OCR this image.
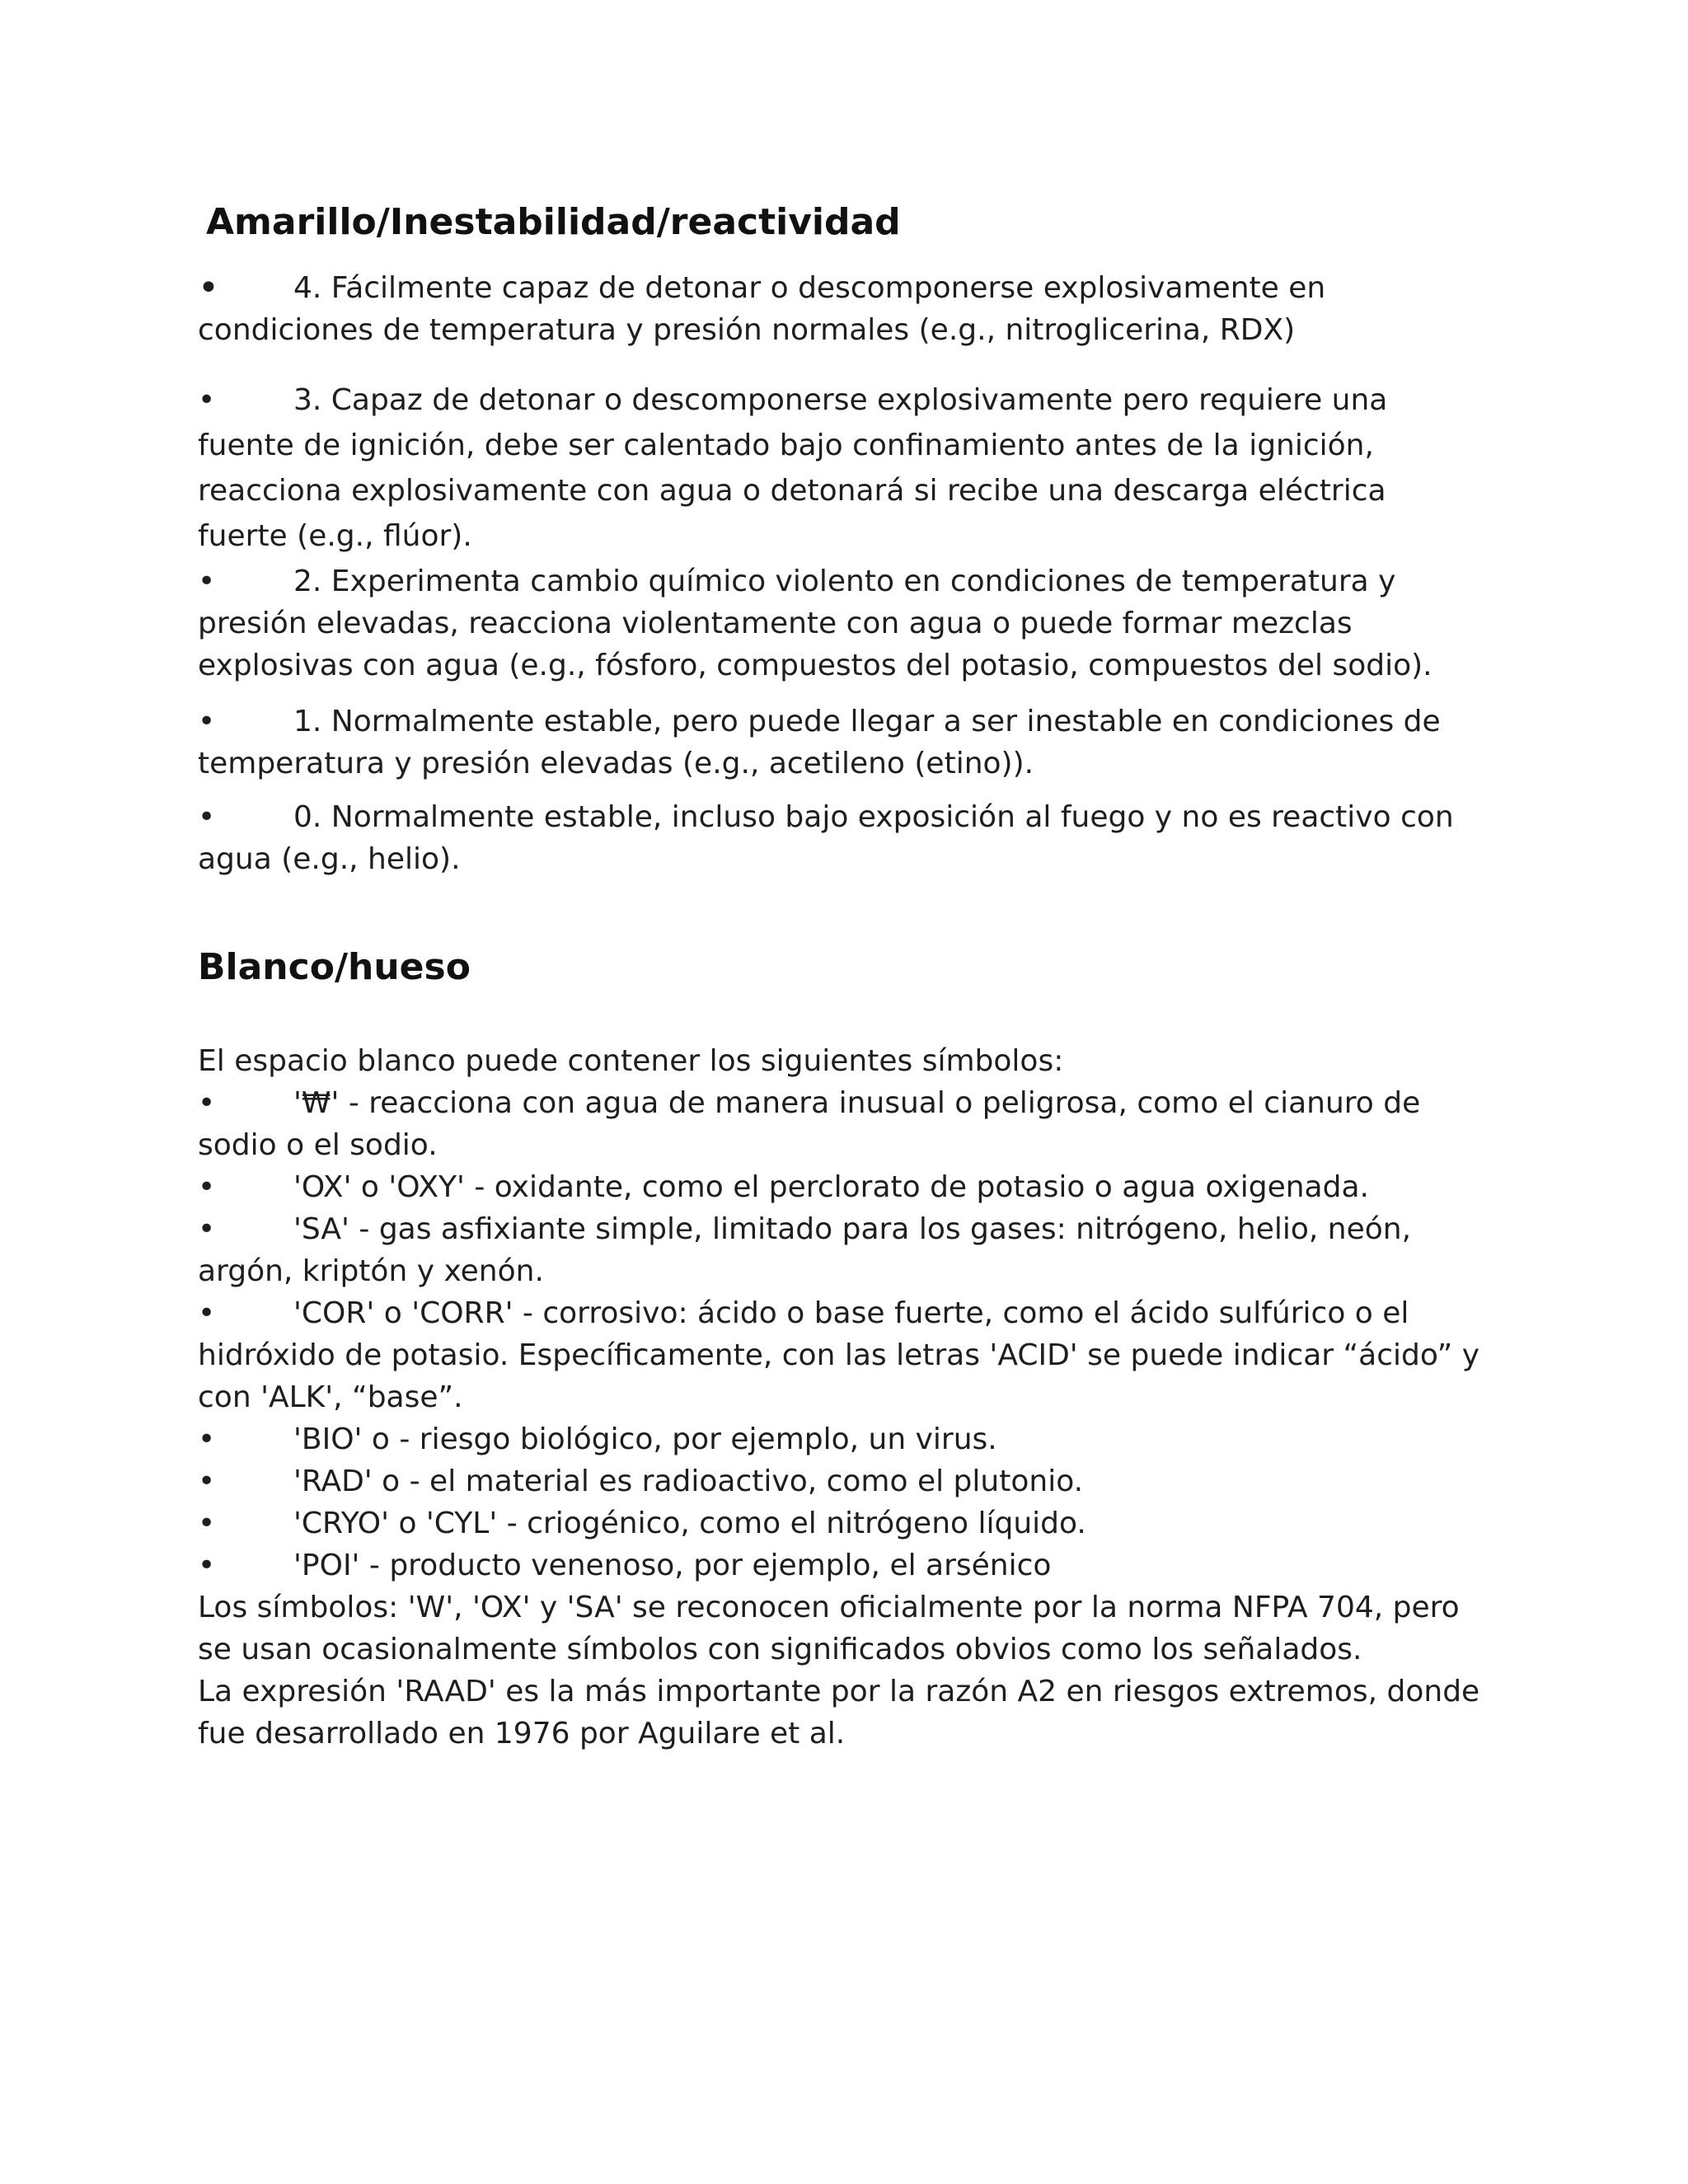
Amarillo/Inestabilidad/reactividad
•	4. Fácilmente capaz de detonar o descomponerse explosivamente en condiciones de temperatura y presión normales (e.g., nitroglicerina, RDX)
•	3. Capaz de detonar o descomponerse explosivamente pero requiere una fuente de ignición, debe ser calentado bajo confinamiento antes de la ignición, reacciona explosivamente con agua o detonará si recibe una descarga eléctrica fuerte (e.g., flúor).
•	2. Experimenta cambio químico violento en condiciones de temperatura y presión elevadas, reacciona violentamente con agua o puede formar mezclas explosivas con agua (e.g., fósforo, compuestos del potasio, compuestos del sodio).
•	1. Normalmente estable, pero puede llegar a ser inestable en condiciones de temperatura y presión elevadas (e.g., acetileno (etino)).
•	0. Normalmente estable, incluso bajo exposición al fuego y no es reactivo con agua (e.g., helio).
Blanco/hueso
El espacio blanco puede contener los siguientes símbolos:
•	'₩' - reacciona con agua de manera inusual o peligrosa, como el cianuro de sodio o el sodio.
•	'OX' o 'OXY' - oxidante, como el perclorato de potasio o agua oxigenada.
•	'SA' - gas asfixiante simple, limitado para los gases: nitrógeno, helio, neón, argón, kriptón y xenón.
•	'COR' o 'CORR' - corrosivo: ácido o base fuerte, como el ácido sulfúrico o el hidróxido de potasio. Específicamente, con las letras 'ACID' se puede indicar “ácido” y con 'ALK', “base”.
•	'BIO' o - riesgo biológico, por ejemplo, un virus.
•	'RAD' o - el material es radioactivo, como el plutonio.
•	'CRYO' o 'CYL' - criogénico, como el nitrógeno líquido.
•	'POI' - producto venenoso, por ejemplo, el arsénico
Los símbolos: 'W', 'OX' y 'SA' se reconocen oficialmente por la norma NFPA 704, pero se usan ocasionalmente símbolos con significados obvios como los señalados.
La expresión 'RAAD' es la más importante por la razón A2 en riesgos extremos, donde fue desarrollado en 1976 por Aguilare et al.
